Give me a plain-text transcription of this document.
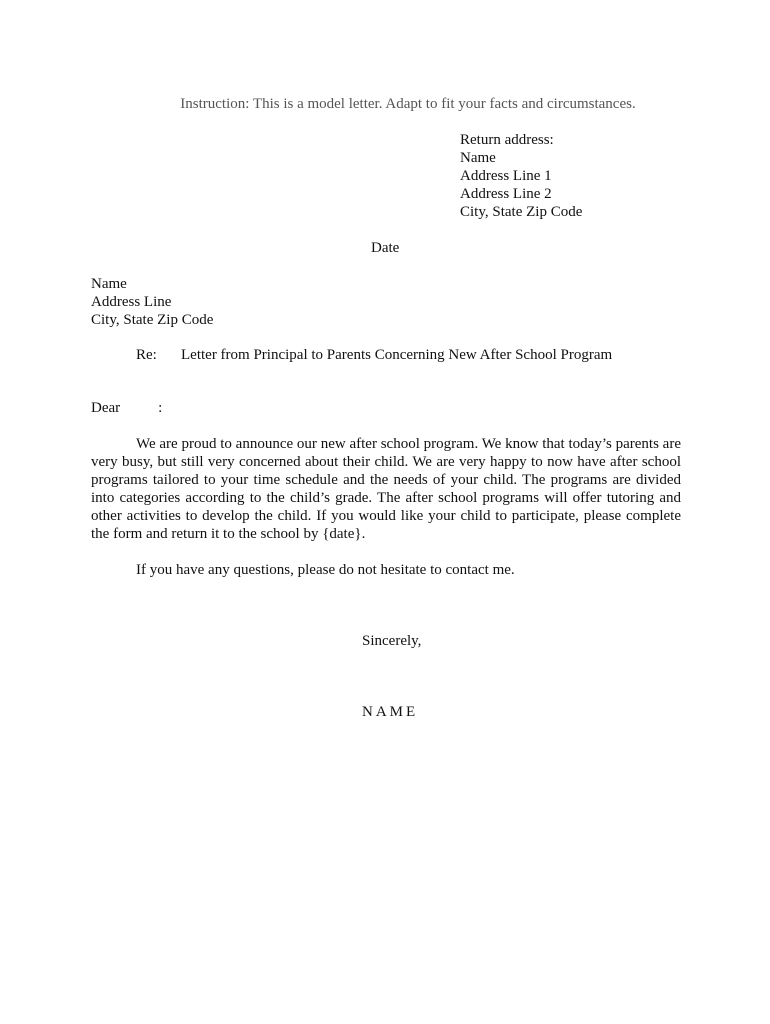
Instruction: This is a model letter. Adapt to fit your facts and circumstances.
Return address:
Name
Address Line 1
Address Line 2
City, State Zip Code
Date
Name
Address Line
City, State Zip Code
Re: Letter from Principal to Parents Concerning New After School Program
Dear	:
We are proud to announce our new after school program. We know that today’s parents are very busy, but still very concerned about their child. We are very happy to now have after school programs tailored to your time schedule and the needs of your child. The programs are divided into categories according to the child’s grade. The after school programs will offer tutoring and other activities to develop the child. If you would like your child to participate, please complete the form and return it to the school by {date}.
If you have any questions, please do not hesitate to contact me.
Sincerely,
NAME
